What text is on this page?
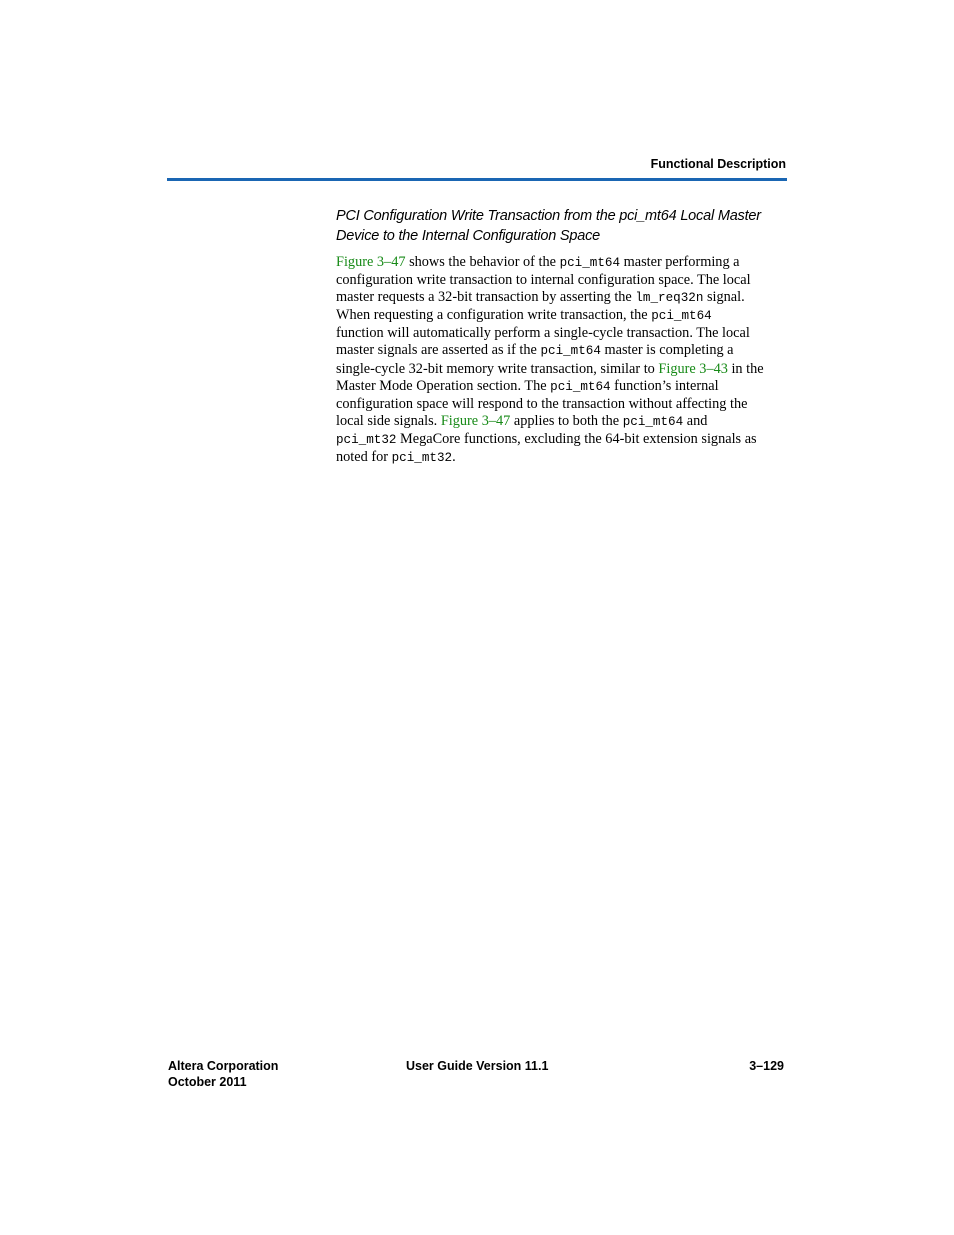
Functional Description
PCI Configuration Write Transaction from the pci_mt64 Local Master
Device to the Internal Configuration Space
Figure 3–47 shows the behavior of the pci_mt64 master performing a
configuration write transaction to internal configuration space. The local
master requests a 32-bit transaction by asserting the lm_req32n signal.
When requesting a configuration write transaction, the pci_mt64
function will automatically perform a single-cycle transaction. The local
master signals are asserted as if the pci_mt64 master is completing a
single-cycle 32-bit memory write transaction, similar to Figure 3–43 in the
Master Mode Operation section. The pci_mt64 function’s internal
configuration space will respond to the transaction without affecting the
local side signals. Figure 3–47 applies to both the pci_mt64 and
pci_mt32 MegaCore functions, excluding the 64-bit extension signals as
noted for pci_mt32.
Altera Corporation
October 2011
User Guide Version 11.1	3–129
